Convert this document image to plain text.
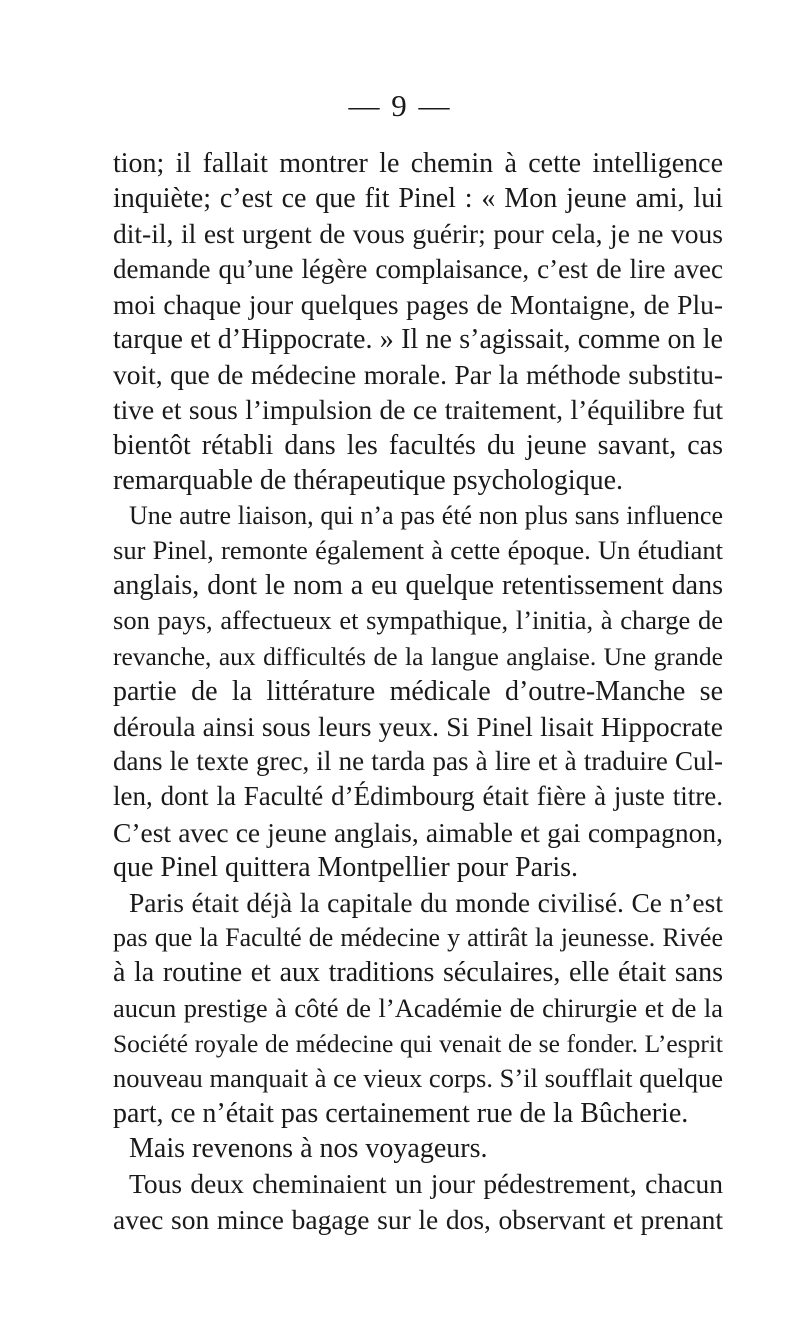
— 9 —
tion; il fallait montrer le chemin à cette intelligence
inquiète; c’est ce que fit Pinel : « Mon jeune ami, lui
dit-il, il est urgent de vous guérir; pour cela, je ne vous
demande qu’une légère complaisance, c’est de lire avec
moi chaque jour quelques pages de Montaigne, de Plu-
tarque et d’Hippocrate. » Il ne s’agissait, comme on le
voit, que de médecine morale. Par la méthode substitu-
tive et sous l’impulsion de ce traitement, l’équilibre fut
bientôt rétabli dans les facultés du jeune savant, cas
remarquable de thérapeutique psychologique.
Une autre liaison, qui n’a pas été non plus sans influence
sur Pinel, remonte également à cette époque. Un étudiant
anglais, dont le nom a eu quelque retentissement dans
son pays, affectueux et sympathique, l’initia, à charge de
revanche, aux difficultés de la langue anglaise. Une grande
partie de la littérature médicale d’outre-Manche se
déroula ainsi sous leurs yeux. Si Pinel lisait Hippocrate
dans le texte grec, il ne tarda pas à lire et à traduire Cul-
len, dont la Faculté d’Édimbourg était fière à juste titre.
C’est avec ce jeune anglais, aimable et gai compagnon,
que Pinel quittera Montpellier pour Paris.
Paris était déjà la capitale du monde civilisé. Ce n’est
pas que la Faculté de médecine y attirât la jeunesse. Rivée
à la routine et aux traditions séculaires, elle était sans
aucun prestige à côté de l’Académie de chirurgie et de la
Société royale de médecine qui venait de se fonder. L’esprit
nouveau manquait à ce vieux corps. S’il soufflait quelque
part, ce n’était pas certainement rue de la Bûcherie.
Mais revenons à nos voyageurs.
Tous deux cheminaient un jour pédestrement, chacun
avec son mince bagage sur le dos, observant et prenant
